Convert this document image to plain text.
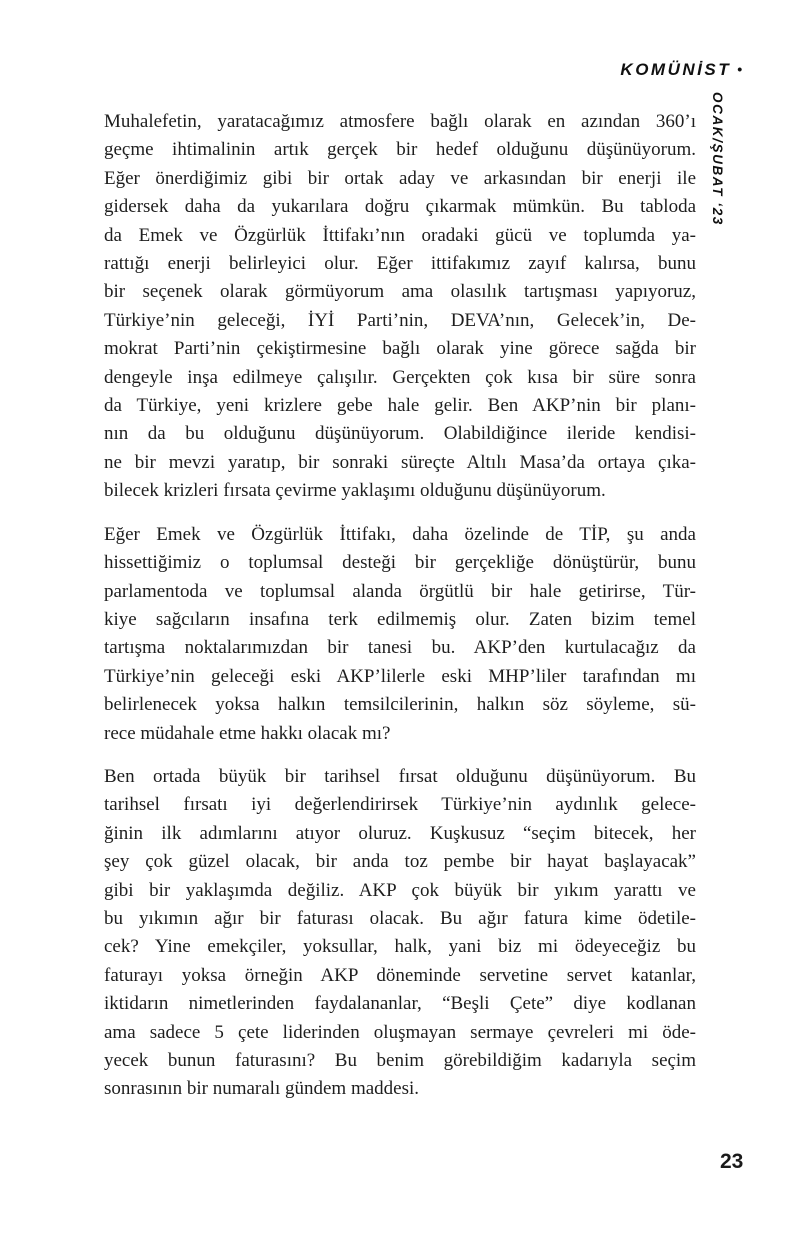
KOMÜNİST •
OCAK/ŞUBAT ‘23
Muhalefetin, yaratacağımız atmosfere bağlı olarak en azından 360’ı
geçme ihtimalinin artık gerçek bir hedef olduğunu düşünüyorum.
Eğer önerdiğimiz gibi bir ortak aday ve arkasından bir enerji ile
gidersek daha da yukarılara doğru çıkarmak mümkün. Bu tabloda
da Emek ve Özgürlük İttifakı’nın oradaki gücü ve toplumda ya-
rattığı enerji belirleyici olur. Eğer ittifakımız zayıf kalırsa, bunu
bir seçenek olarak görmüyorum ama olasılık tartışması yapıyoruz,
Türkiye’nin geleceği, İYİ Parti’nin, DEVA’nın, Gelecek’in, De-
mokrat Parti’nin çekiştirmesine bağlı olarak yine görece sağda bir
dengeyle inşa edilmeye çalışılır. Gerçekten çok kısa bir süre sonra
da Türkiye, yeni krizlere gebe hale gelir. Ben AKP’nin bir planı-
nın da bu olduğunu düşünüyorum. Olabildiğince ileride kendisi-
ne bir mevzi yaratıp, bir sonraki süreçte Altılı Masa’da ortaya çıka-
bilecek krizleri fırsata çevirme yaklaşımı olduğunu düşünüyorum.
Eğer Emek ve Özgürlük İttifakı, daha özelinde de TİP, şu anda
hissettiğimiz o toplumsal desteği bir gerçekliğe dönüştürür, bunu
parlamentoda ve toplumsal alanda örgütlü bir hale getirirse, Tür-
kiye sağcıların insafına terk edilmemiş olur. Zaten bizim temel
tartışma noktalarımızdan bir tanesi bu. AKP’den kurtulacağız da
Türkiye’nin geleceği eski AKP’lilerle eski MHP’liler tarafından mı
belirlenecek yoksa halkın temsilcilerinin, halkın söz söyleme, sü-
rece müdahale etme hakkı olacak mı?
Ben ortada büyük bir tarihsel fırsat olduğunu düşünüyorum. Bu
tarihsel fırsatı iyi değerlendirirsek Türkiye’nin aydınlık gelece-
ğinin ilk adımlarını atıyor oluruz. Kuşkusuz “seçim bitecek, her
şey çok güzel olacak, bir anda toz pembe bir hayat başlayacak”
gibi bir yaklaşımda değiliz. AKP çok büyük bir yıkım yarattı ve
bu yıkımın ağır bir faturası olacak. Bu ağır fatura kime ödetile-
cek? Yine emekçiler, yoksullar, halk, yani biz mi ödeyeceğiz bu
faturayı yoksa örneğin AKP döneminde servetine servet katanlar,
iktidarın nimetlerinden faydalananlar, “Beşli Çete” diye kodlanan
ama sadece 5 çete liderinden oluşmayan sermaye çevreleri mi öde-
yecek bunun faturasını? Bu benim görebildiğim kadarıyla seçim
sonrasının bir numaralı gündem maddesi.
23
